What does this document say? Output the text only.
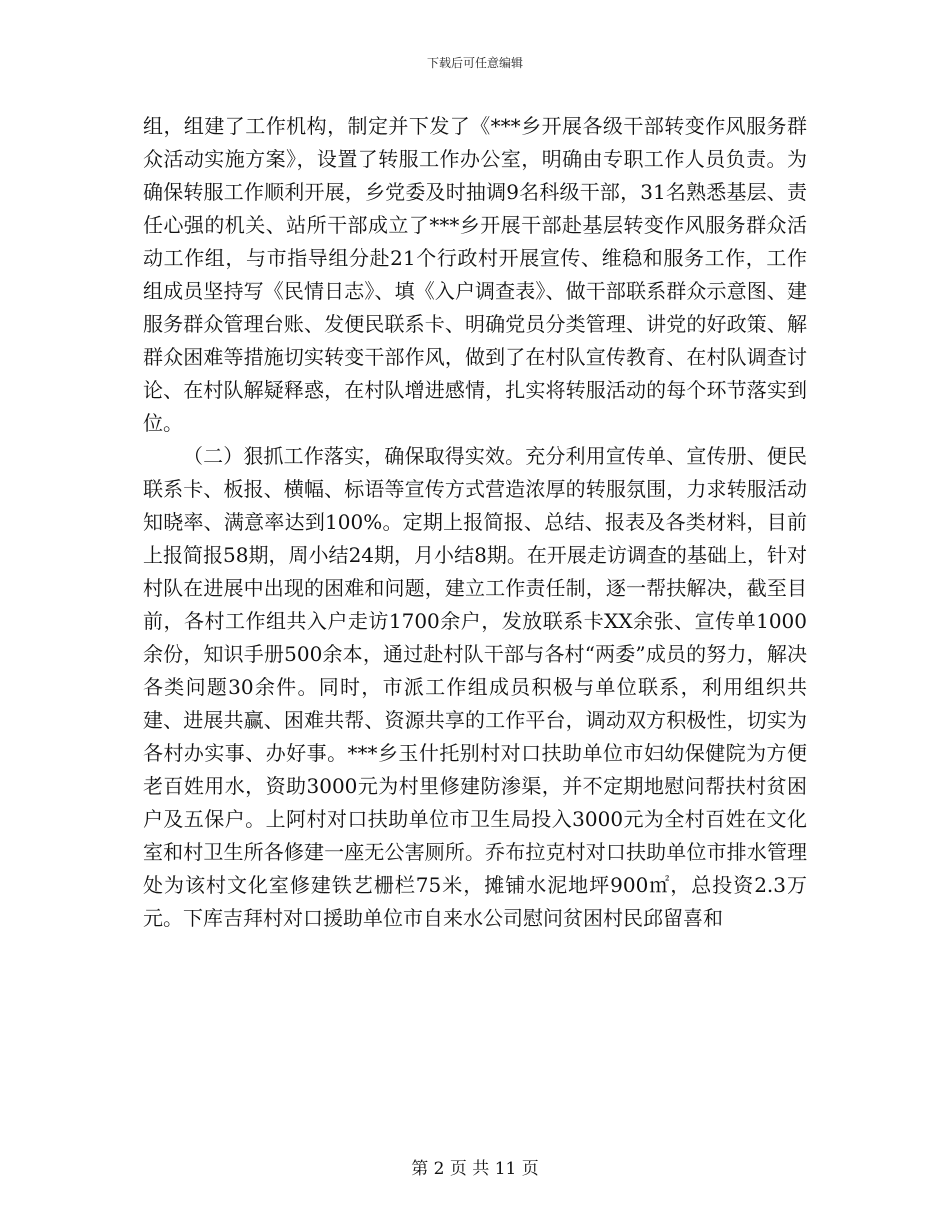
下载后可任意编辑

组，组建了工作机构，制定并下发了《***乡开展各级干部转变作风服务群众活动实施方案》，设置了转服工作办公室，明确由专职工作人员负责。为确保转服工作顺利开展，乡党委及时抽调9名科级干部，31名熟悉基层、责任心强的机关、站所干部成立了***乡开展干部赴基层转变作风服务群众活动工作组，与市指导组分赴21个行政村开展宣传、维稳和服务工作，工作组成员坚持写《民情日志》、填《入户调查表》、做干部联系群众示意图、建服务群众管理台账、发便民联系卡、明确党员分类管理、讲党的好政策、解群众困难等措施切实转变干部作风，做到了在村队宣传教育、在村队调查讨论、在村队解疑释惑，在村队增进感情，扎实将转服活动的每个环节落实到位。

（二）狠抓工作落实，确保取得实效。充分利用宣传单、宣传册、便民联系卡、板报、横幅、标语等宣传方式营造浓厚的转服氛围，力求转服活动知晓率、满意率达到100%。定期上报简报、总结、报表及各类材料，目前上报简报58期，周小结24期，月小结8期。在开展走访调查的基础上，针对村队在进展中出现的困难和问题，建立工作责任制，逐一帮扶解决，截至目前，各村工作组共入户走访1700余户，发放联系卡XX余张、宣传单1000余份，知识手册500余本，通过赴村队干部与各村“两委”成员的努力，解决各类问题30余件。同时，市派工作组成员积极与单位联系，利用组织共建、进展共赢、困难共帮、资源共享的工作平台，调动双方积极性，切实为各村办实事、办好事。***乡玉什托别村对口扶助单位市妇幼保健院为方便老百姓用水，资助3000元为村里修建防渗渠，并不定期地慰问帮扶村贫困户及五保户。上阿村对口扶助单位市卫生局投入3000元为全村百姓在文化室和村卫生所各修建一座无公害厕所。乔布拉克村对口扶助单位市排水管理处为该村文化室修建铁艺栅栏75米，摊铺水泥地坪900㎡，总投资2.3万元。下库吉拜村对口援助单位市自来水公司慰问贫困村民邱留喜和

第 2 页 共 11 页
